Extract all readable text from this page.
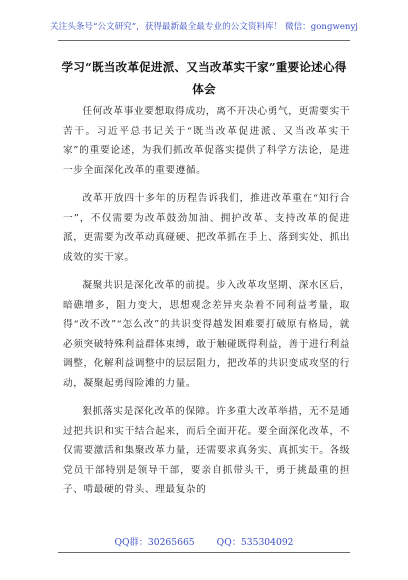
关注头条号“公文研究”，获得最新最全最专业的公文资料库！ 微信：gongwenyj
学习“既当改革促进派、又当改革实干家”重要论述心得体会

任何改革事业要想取得成功，离不开决心勇气，更需要实干苦干。习近平总书记关于“既当改革促进派、又当改革实干家”的重要论述，为我们抓改革促落实提供了科学方法论，是进一步全面深化改革的重要遵循。

改革开放四十多年的历程告诉我们，推进改革重在“知行合一”，不仅需要为改革鼓劲加油、拥护改革、支持改革的促进派，更需要为改革动真碰硬、把改革抓在手上、落到实处、抓出成效的实干家。

凝聚共识是深化改革的前提。步入改革攻坚期、深水区后，暗礁增多，阻力变大，思想观念差异夹杂着不同利益考量，取得“改不改”“怎么改”的共识变得越发困难要打破原有格局，就必须突破特殊利益群体束缚，敢于触碰既得利益，善于进行利益调整，化解利益调整中的层层阻力，把改革的共识变成攻坚的行动，凝聚起勇闯险滩的力量。

狠抓落实是深化改革的保障。许多重大改革举措，无不是通过把共识和实干结合起来，而后全面开花。要全面深化改革，不仅需要激活和集聚改革力量，还需要求真务实、真抓实干。各级党员干部特别是领导干部，要亲自抓带头干，勇于挑最重的担子、啃最硬的骨头、理最复杂的

QQ群：30265665 QQ：535304092
